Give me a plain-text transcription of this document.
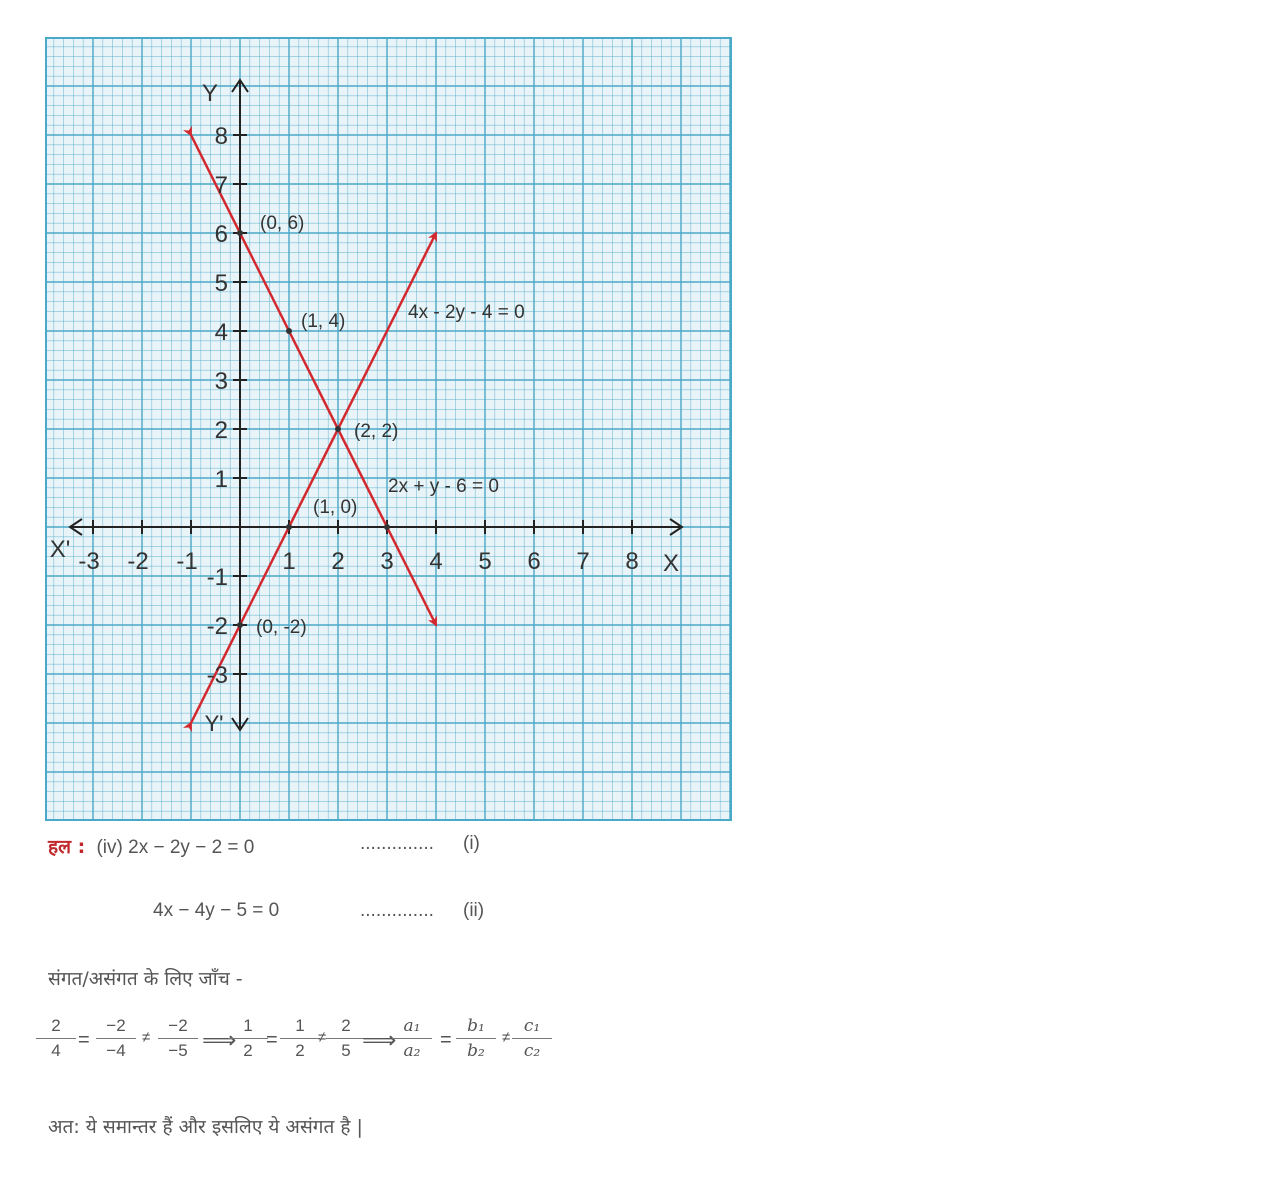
-3 -2 -1	1 2 3 4 5 6 7 8
8
7
6
5
4
3
2
1
-1
-2
-3
X
X'
Y
Y'
4x - 2y - 4 = 0
2x + y - 6 = 0
(0, 6)
(1, 4)
(2, 2)
(1, 0)
(0, -2)
हल : (iv) 2x − 2y − 2 = 0	.............. (i)
4x − 4y − 5 = 0	.............. (ii)
संगत/असंगत के लिए जाँच -
$\frac{2}{4} = \frac{-2}{-4} \ne \frac{-2}{-5}$ ⟹
$\frac{1}{2}$
= $\frac{1}{2}$
≠ $\frac{2}{5}$
⟹
$\frac{\text{a₁}}{\text{a₂}} = \frac{\text{b₁}}{\text{b₂}} \ne \frac{\text{c₁}}{\text{c₂}}$
अत: ये समान्तर हैं और इसलिए ये असंगत है |
